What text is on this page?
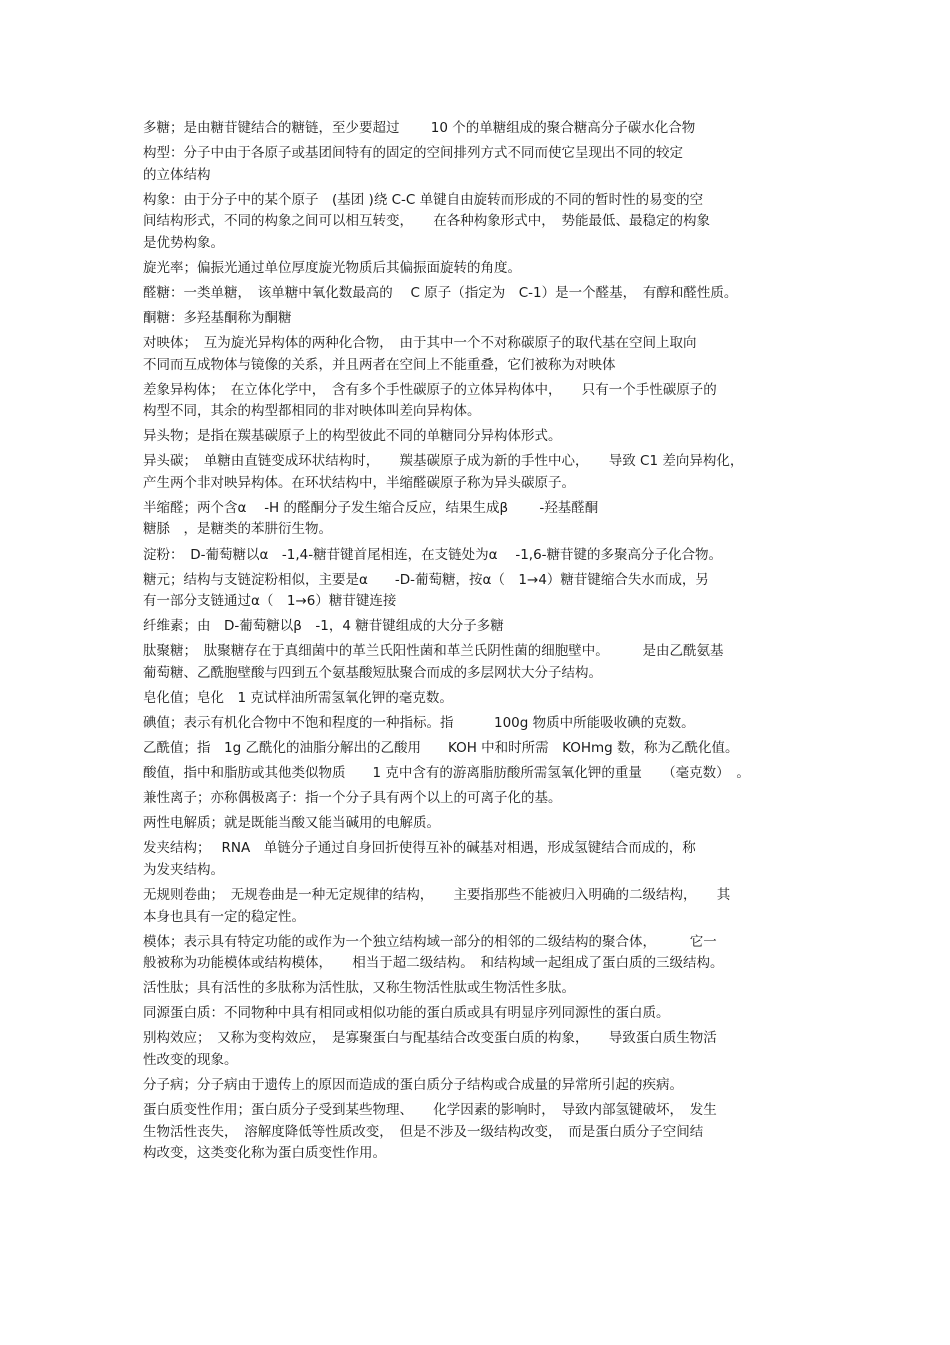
多糖；是由糖苷键结合的糖链，至少要超过　　 10 个的单糖组成的聚合糖高分子碳水化合物
构型：分子中由于各原子或基团间特有的固定的空间排列方式不同而使它呈现出不同的较定
的立体结构
构象：由于分子中的某个原子　(基团 )绕 C-C 单键自由旋转而形成的不同的暂时性的易变的空
间结构形式，不同的构象之间可以相互转变，　　在各种构象形式中，　势能最低、最稳定的构象
是优势构象。
旋光率；偏振光通过单位厚度旋光物质后其偏振面旋转的角度。
醛糖：一类单糖，　该单糖中氧化数最高的　 C 原子（指定为　C-1）是一个醛基，　有醇和醛性质。
酮糖：多羟基酮称为酮糖
对映体；　互为旋光异构体的两种化合物，　由于其中一个不对称碳原子的取代基在空间上取向
不同而互成物体与镜像的关系，并且两者在空间上不能重叠，它们被称为对映体
差象异构体；　在立体化学中，　含有多个手性碳原子的立体异构体中，　　只有一个手性碳原子的
构型不同，其余的构型都相同的非对映体叫差向异构体。
异头物；是指在羰基碳原子上的构型彼此不同的单糖同分异构体形式。
异头碳；　单糖由直链变成环状结构时，　　羰基碳原子成为新的手性中心，　　导致 C1 差向异构化，
产生两个非对映异构体。在环状结构中，半缩醛碳原子称为异头碳原子。
半缩醛；两个含α　 -H 的醛酮分子发生缩合反应，结果生成β　　 -羟基醛酮
糖脎　，是糖类的苯肼衍生物。
淀粉：　D-葡萄糖以α　-1,4-糖苷键首尾相连，在支链处为α　 -1,6-糖苷键的多聚高分子化合物。
糖元；结构与支链淀粉相似，主要是α　　-D-葡萄糖，按α（　1→4）糖苷键缩合失水而成，另
有一部分支链通过α（　1→6）糖苷键连接
纤维素；由　D-葡萄糖以β　-1，4 糖苷键组成的大分子多糖
肽聚糖；　肽聚糖存在于真细菌中的革兰氏阳性菌和革兰氏阴性菌的细胞壁中。　　　是由乙酰氨基
葡萄糖、乙酰胞壁酸与四到五个氨基酸短肽聚合而成的多层网状大分子结构。
皂化值；皂化　1 克试样油所需氢氧化钾的毫克数。
碘值；表示有机化合物中不饱和程度的一种指标。指　　　100g 物质中所能吸收碘的克数。
乙酰值；指　1g 乙酰化的油脂分解出的乙酸用　　KOH 中和时所需　KOHmg 数，称为乙酰化值。
酸值，指中和脂肪或其他类似物质　　1 克中含有的游离脂肪酸所需氢氧化钾的重量　　（毫克数）　。
兼性离子；亦称偶极离子：指一个分子具有两个以上的可离子化的基。
两性电解质；就是既能当酸又能当碱用的电解质。
发夹结构；　 RNA　单链分子通过自身回折使得互补的碱基对相遇，形成氢键结合而成的，称
为发夹结构。
无规则卷曲；　无规卷曲是一种无定规律的结构，　　主要指那些不能被归入明确的二级结构，　　其
本身也具有一定的稳定性。
模体；表示具有特定功能的或作为一个独立结构域一部分的相邻的二级结构的聚合体，　　　它一
般被称为功能模体或结构模体，　　相当于超二级结构。　和结构域一起组成了蛋白质的三级结构。
活性肽；具有活性的多肽称为活性肽，又称生物活性肽或生物活性多肽。
同源蛋白质：不同物种中具有相同或相似功能的蛋白质或具有明显序列同源性的蛋白质。
别构效应；　又称为变构效应，　是寡聚蛋白与配基结合改变蛋白质的构象，　　导致蛋白质生物活
性改变的现象。
分子病；分子病由于遗传上的原因而造成的蛋白质分子结构或合成量的异常所引起的疾病。
蛋白质变性作用；蛋白质分子受到某些物理、　　化学因素的影响时，　导致内部氢键破坏，　发生
生物活性丧失，　溶解度降低等性质改变，　但是不涉及一级结构改变，　而是蛋白质分子空间结
构改变，这类变化称为蛋白质变性作用。
